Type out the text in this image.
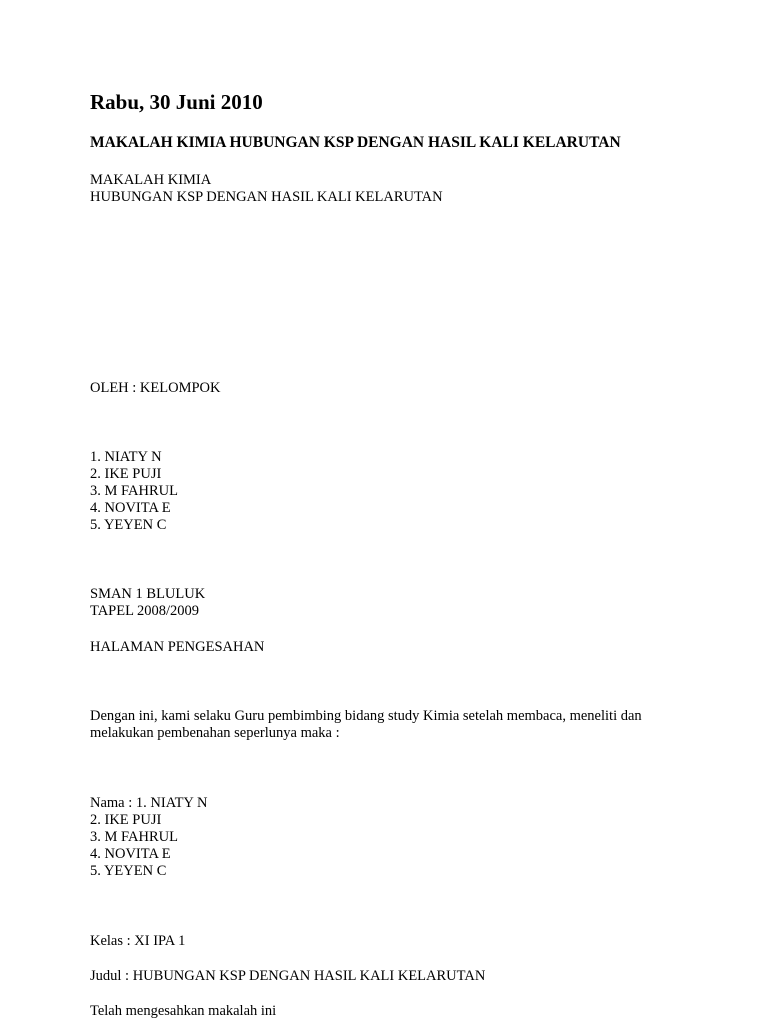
Rabu, 30 Juni 2010
MAKALAH KIMIA HUBUNGAN KSP DENGAN HASIL KALI KELARUTAN
MAKALAH KIMIA
HUBUNGAN KSP DENGAN HASIL KALI KELARUTAN
OLEH : KELOMPOK
1. NIATY N
2. IKE PUJI
3. M FAHRUL
4. NOVITA E
5. YEYEN C
SMAN 1 BLULUK
TAPEL 2008/2009
HALAMAN PENGESAHAN
Dengan ini, kami selaku Guru pembimbing bidang study Kimia setelah membaca, meneliti dan melakukan pembenahan seperlunya maka :
Nama : 1. NIATY N
2. IKE PUJI
3. M FAHRUL
4. NOVITA E
5. YEYEN C
Kelas : XI IPA 1
Judul : HUBUNGAN KSP DENGAN HASIL KALI KELARUTAN
Telah mengesahkan makalah ini
